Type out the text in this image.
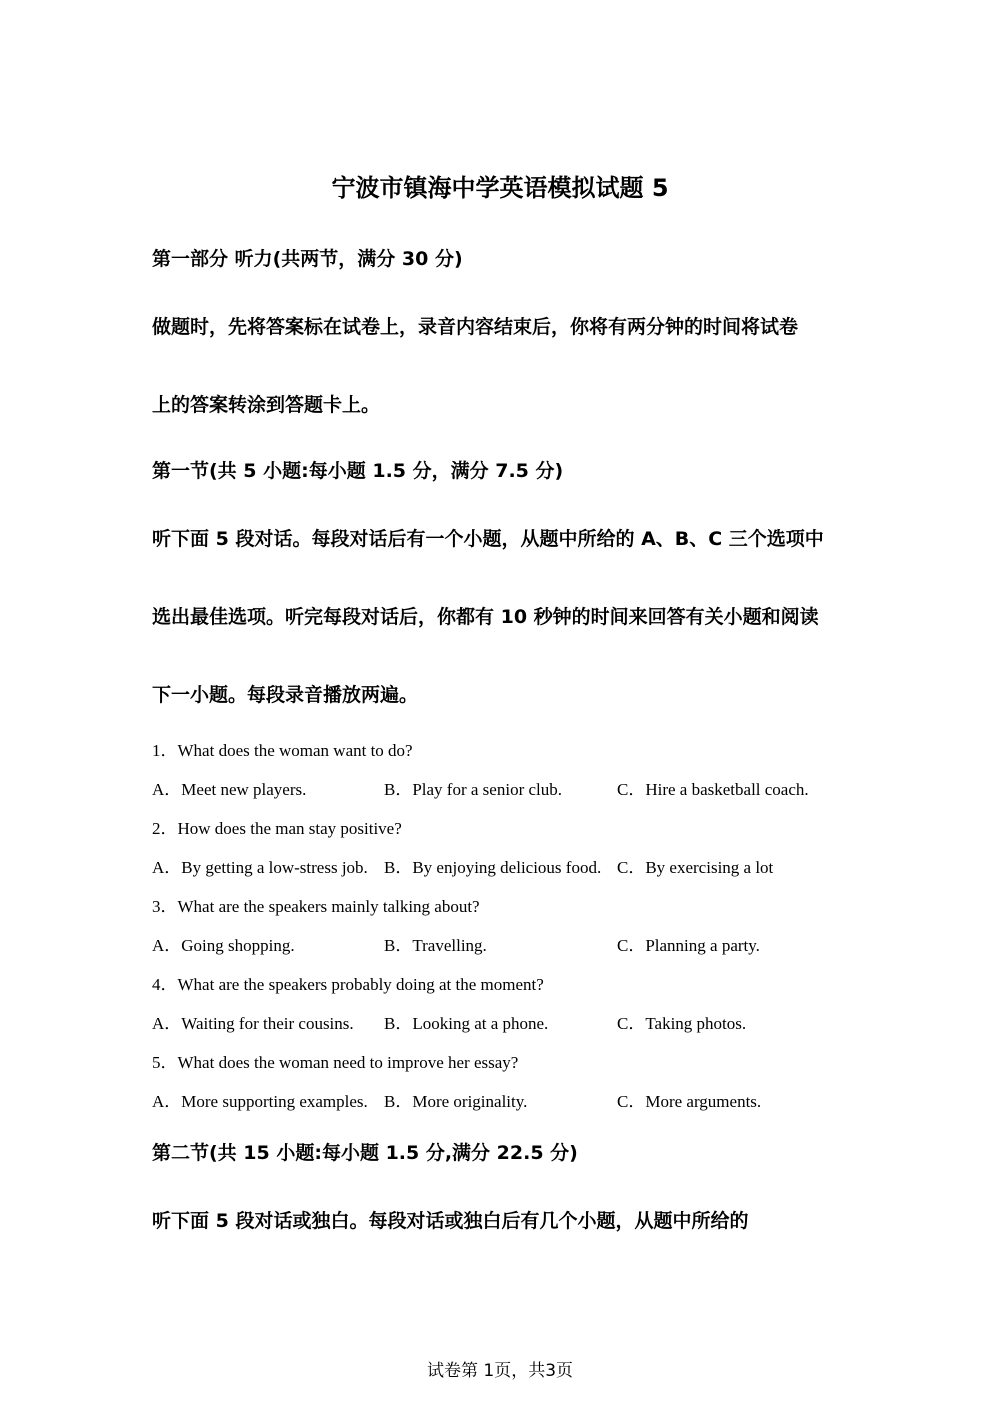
宁波市镇海中学英语模拟试题 5
第一部分 听力(共两节，满分 30 分)
做题时，先将答案标在试卷上，录音内容结束后，你将有两分钟的时间将试卷
上的答案转涂到答题卡上。
第一节(共 5 小题:每小题 1.5 分，满分 7.5 分)
听下面 5 段对话。每段对话后有一个小题，从题中所给的 A、B、C 三个选项中
选出最佳选项。听完每段对话后，你都有 10 秒钟的时间来回答有关小题和阅读
下一小题。每段录音播放两遍。
1．What does the woman want to do?
A．Meet new players.	B．Play for a senior club.	C．Hire a basketball coach.
2．How does the man stay positive?
A．By getting a low-stress job. B．By enjoying delicious food. C．By exercising a lot
3．What are the speakers mainly talking about?
A．Going shopping.	B．Travelling.	C．Planning a party.
4．What are the speakers probably doing at the moment?
A．Waiting for their cousins. B．Looking at a phone.	C．Taking photos.
5．What does the woman need to improve her essay?
A．More supporting examples. B．More originality.	C．More arguments.
第二节(共 15 小题:每小题 1.5 分,满分 22.5 分)
听下面 5 段对话或独白。每段对话或独白后有几个小题，从题中所给的
试卷第 1页，共3页
